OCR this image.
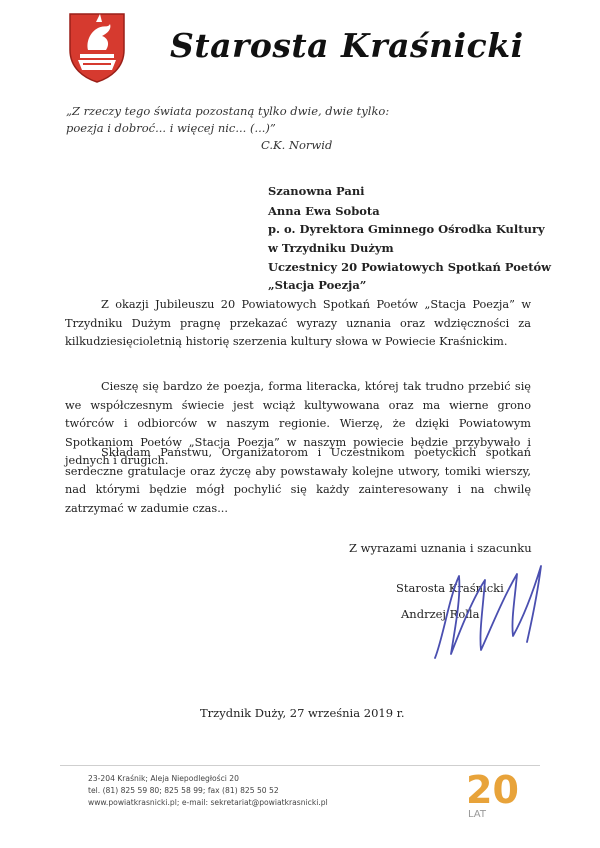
Starosta Kraśnicki
„Z rzeczy tego świata pozostaną tylko dwie, dwie tylko:
poezja i dobroć... i więcej nic... (...)”
C.K. Norwid
Szanowna Pani
Anna Ewa Sobota
p. o. Dyrektora Gminnego Ośrodka Kultury
w Trzydniku Dużym
Uczestnicy 20 Powiatowych Spotkań Poetów
„Stacja Poezja”
Z okazji Jubileuszu 20 Powiatowych Spotkań Poetów „Stacja Poezja” w Trzydniku Dużym pragnę przekazać wyrazy uznania oraz wdzięczności za kilkudziesięcioletnią historię szerzenia kultury słowa w Powiecie Kraśnickim.
Cieszę się bardzo że poezja, forma literacka, której tak trudno przebić się we współczesnym świecie jest wciąż kultywowana oraz ma wierne grono twórców i odbiorców w naszym regionie. Wierzę, że dzięki Powiatowym Spotkaniom Poetów „Stacja Poezja” w naszym powiecie będzie przybywało i jednych i drugich.
Składam Państwu, Organizatorom i Uczestnikom poetyckich spotkań serdeczne gratulacje oraz życzę aby powstawały kolejne utwory, tomiki wierszy, nad którymi będzie mógł pochylić się każdy zainteresowany i na chwilę zatrzymać w zadumie czas...
Z wyrazami uznania i szacunku
Starosta Kraśnicki
Andrzej Rolla
Trzydnik Duży, 27 września 2019 r.
23-204 Kraśnik; Aleja Niepodległości 20
tel. (81) 825 59 80; 825 58 99; fax (81) 825 50 52
www.powiatkrasnicki.pl; e-mail: sekretariat@powiatkrasnicki.pl	20
LAT
